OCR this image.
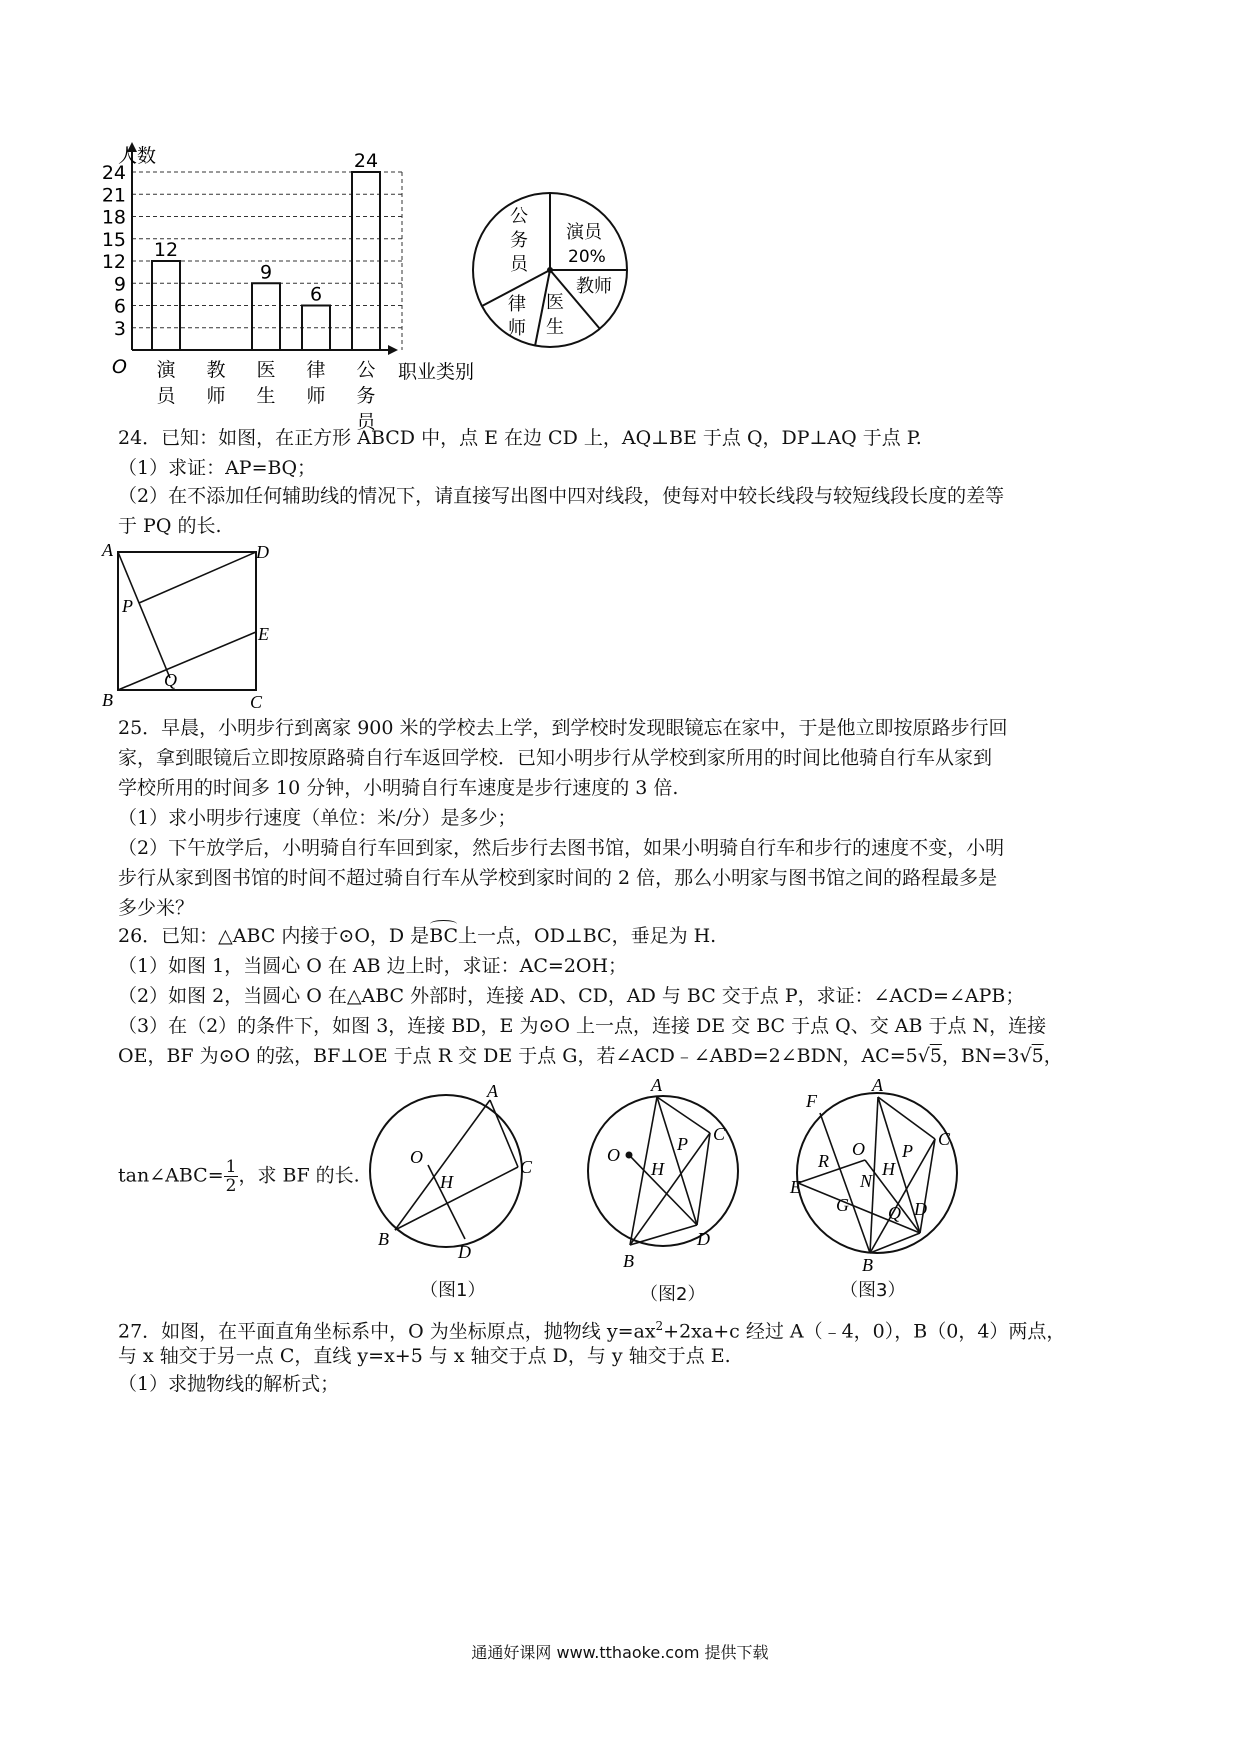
3
6
9
12
15
18
21
24
12
演
员
教
师
9
医
生
6
律
师
24
公
务
员
人数
职业类别
O
演员
20%
教师
医
生
律
师
公
务
员
24．已知：如图，在正方形 ABCD 中，点 E 在边 CD 上，AQ⊥BE 于点 Q，DP⊥AQ 于点 P.
（1）求证：AP=BQ；
（2）在不添加任何辅助线的情况下，请直接写出图中四对线段，使每对中较长线段与较短线段长度的差等
于 PQ 的长.
A	D
P
E
Q
B	C
25．早晨，小明步行到离家 900 米的学校去上学，到学校时发现眼镜忘在家中，于是他立即按原路步行回
家，拿到眼镜后立即按原路骑自行车返回学校．已知小明步行从学校到家所用的时间比他骑自行车从家到
学校所用的时间多 10 分钟，小明骑自行车速度是步行速度的 3 倍.
（1）求小明步行速度（单位：米/分）是多少；
（2）下午放学后，小明骑自行车回到家，然后步行去图书馆，如果小明骑自行车和步行的速度不变，小明
步行从家到图书馆的时间不超过骑自行车从学校到家时间的 2 倍，那么小明家与图书馆之间的路程最多是
多少米？
26．已知：△ABC 内接于⊙O，D 是BC上一点，OD⊥BC，垂足为 H.
（1）如图 1，当圆心 O 在 AB 边上时，求证：AC=2OH；
（2）如图 2，当圆心 O 在△ABC 外部时，连接 AD、CD，AD 与 BC 交于点 P，求证：∠ACD=∠APB；
（3）在（2）的条件下，如图 3，连接 BD，E 为⊙O 上一点，连接 DE 交 BC 于点 Q、交 AB 于点 N，连接
OE，BF 为⊙O 的弦，BF⊥OE 于点 R 交 DE 于点 G，若∠ACD﹣∠ABD=2∠BDN，AC=5√5，BN=3√5，
tan∠ABC= $\frac{1}{2}$ ，求 BF 的长.
A
O
H
C
B
D
（图1）
A
O
P C
H
D
B
（图2）
F
A
C
R
O P
H
N
E
G Q D
B
（图3）
27．如图，在平面直角坐标系中，O 为坐标原点，抛物线 $y=ax^2+2xa+c$ 经过 A（﹣4，0），B（0，4）两点，
与 x 轴交于另一点 C，直线 y=x+5 与 x 轴交于点 D，与 y 轴交于点 E.
（1）求抛物线的解析式；
通通好课网 www.tthaoke.com 提供下载
